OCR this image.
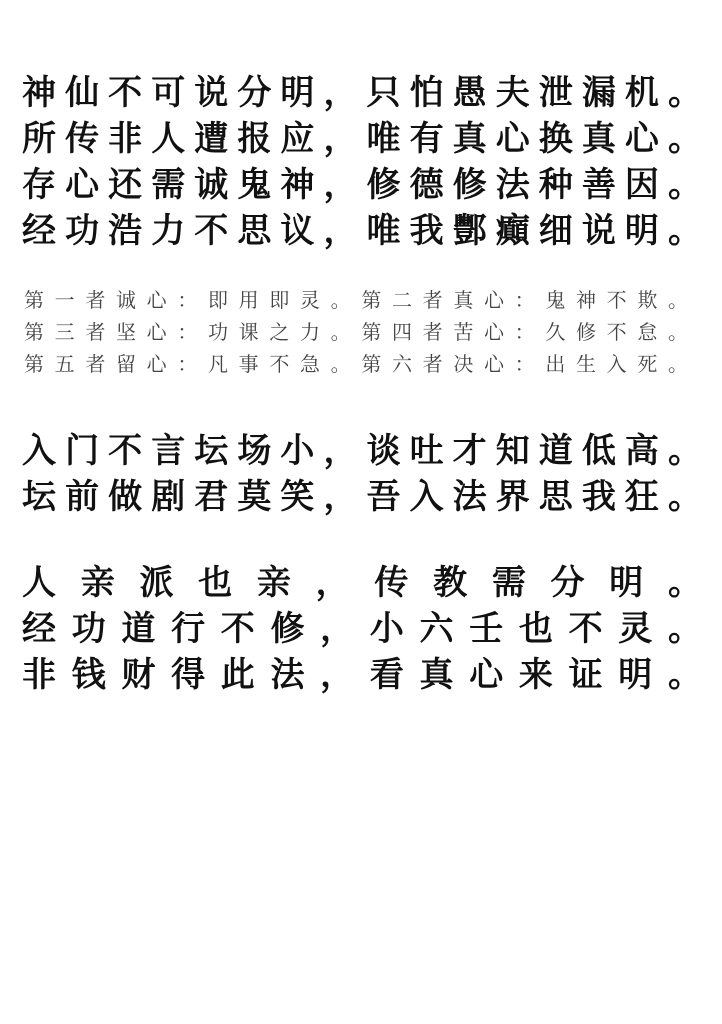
神仙不可说分明，只怕愚夫泄漏机。
所传非人遭报应，唯有真心换真心。
存心还需诚鬼神，修德修法种善因。
经功浩力不思议，唯我酆癲细说明。
第一者诚心：即用即灵。第二者真心：鬼神不欺。
第三者坚心：功课之力。第四者苦心：久修不怠。
第五者留心：凡事不急。第六者决心：出生入死。
入门不言坛场小，谈吐才知道低高。
坛前做剧君莫笑，吾入法界思我狂。
人亲派也亲，传教需分明。
经功道行不修，小六壬也不灵。
非钱财得此法，看真心来证明。
